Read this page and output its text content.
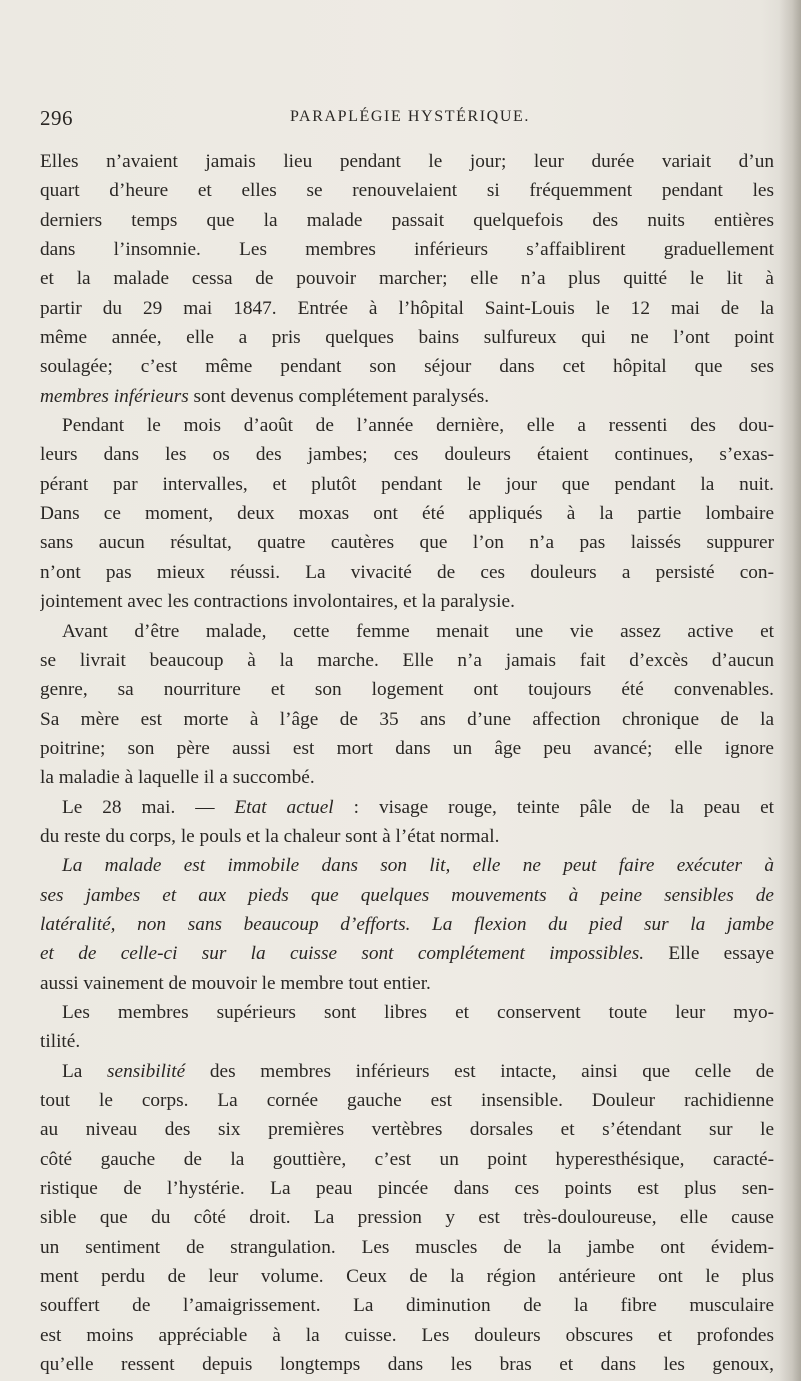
296	PARAPLÉGIE HYSTÉRIQUE.
Elles n’avaient jamais lieu pendant le jour; leur durée variait d’un
quart d’heure et elles se renouvelaient si fréquemment pendant les
derniers temps que la malade passait quelquefois des nuits entières
dans l’insomnie. Les membres inférieurs s’affaiblirent graduellement
et la malade cessa de pouvoir marcher; elle n’a plus quitté le lit à
partir du 29 mai 1847. Entrée à l’hôpital Saint-Louis le 12 mai de la
même année, elle a pris quelques bains sulfureux qui ne l’ont point
soulagée; c’est même pendant son séjour dans cet hôpital que ses
membres inférieurs sont devenus complétement paralysés.
Pendant le mois d’août de l’année dernière, elle a ressenti des dou-
leurs dans les os des jambes; ces douleurs étaient continues, s’exas-
pérant par intervalles, et plutôt pendant le jour que pendant la nuit.
Dans ce moment, deux moxas ont été appliqués à la partie lombaire
sans aucun résultat, quatre cautères que l’on n’a pas laissés suppurer
n’ont pas mieux réussi. La vivacité de ces douleurs a persisté con-
jointement avec les contractions involontaires, et la paralysie.
Avant d’être malade, cette femme menait une vie assez active et
se livrait beaucoup à la marche. Elle n’a jamais fait d’excès d’aucun
genre, sa nourriture et son logement ont toujours été convenables.
Sa mère est morte à l’âge de 35 ans d’une affection chronique de la
poitrine; son père aussi est mort dans un âge peu avancé; elle ignore
la maladie à laquelle il a succombé.
Le 28 mai. — Etat actuel : visage rouge, teinte pâle de la peau et
du reste du corps, le pouls et la chaleur sont à l’état normal.
La malade est immobile dans son lit, elle ne peut faire exécuter à
ses jambes et aux pieds que quelques mouvements à peine sensibles de
latéralité, non sans beaucoup d’efforts. La flexion du pied sur la jambe
et de celle-ci sur la cuisse sont complétement impossibles. Elle essaye
aussi vainement de mouvoir le membre tout entier.
Les membres supérieurs sont libres et conservent toute leur myo-
tilité.
La sensibilité des membres inférieurs est intacte, ainsi que celle de
tout le corps. La cornée gauche est insensible. Douleur rachidienne
au niveau des six premières vertèbres dorsales et s’étendant sur le
côté gauche de la gouttière, c’est un point hyperesthésique, caracté-
ristique de l’hystérie. La peau pincée dans ces points est plus sen-
sible que du côté droit. La pression y est très-douloureuse, elle cause
un sentiment de strangulation. Les muscles de la jambe ont évidem-
ment perdu de leur volume. Ceux de la région antérieure ont le plus
souffert de l’amaigrissement. La diminution de la fibre musculaire
est moins appréciable à la cuisse. Les douleurs obscures et profondes
qu’elle ressent depuis longtemps dans les bras et dans les genoux,
